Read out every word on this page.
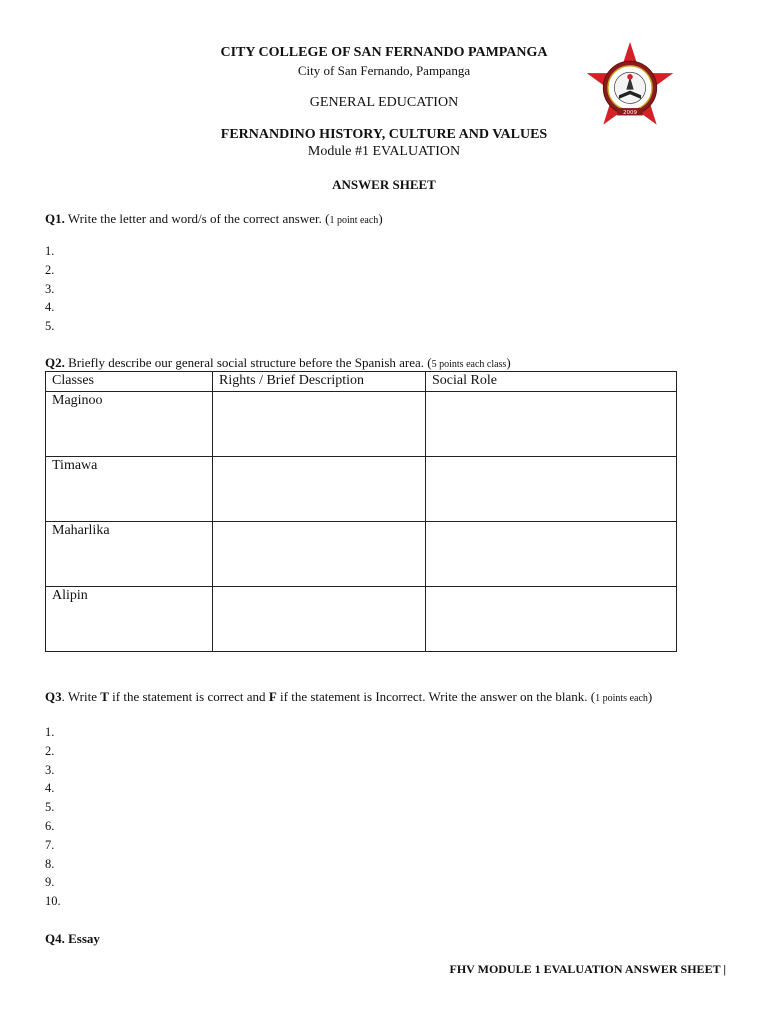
CITY COLLEGE OF SAN FERNANDO PAMPANGA
City of San Fernando, Pampanga
GENERAL EDUCATION
FERNANDINO HISTORY, CULTURE AND VALUES
Module #1 EVALUATION
ANSWER SHEET
2009
Q1. Write the letter and word/s of the correct answer. (1 point each)
1.
2.
3.
4.
5.
Q2. Briefly describe our general social structure before the Spanish area. (5 points each class)
Classes	Rights / Brief Description	Social Role
Maginoo		
Timawa		
Maharlika		
Alipin		
Q3. Write T if the statement is correct and F if the statement is Incorrect. Write the answer on the blank. (1 points each)
1.
2.
3.
4.
5.
6.
7.
8.
9.
10.
Q4. Essay
FHV MODULE 1 EVALUATION ANSWER SHEET |
